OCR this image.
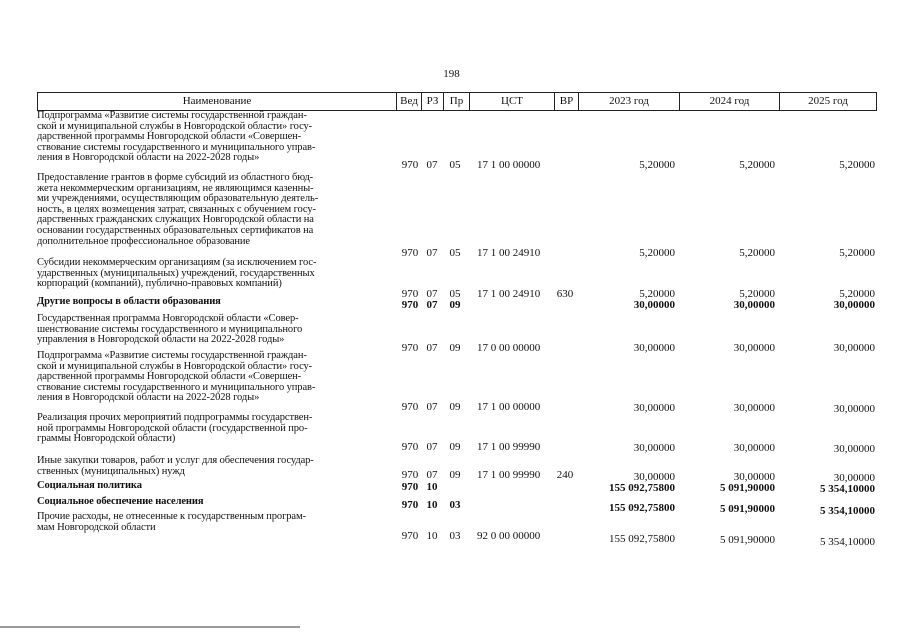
198
Наименование	Вед РЗ	Пр	ЦСТ	ВР	2023 год	2024 год	2025 год
Подпрограмма «Развитие системы государственной граждан-
ской и муниципальной службы в Новгородской области» госу-
дарственной программы Новгородской области «Совершен-
ствование системы государственного и муниципального управ-
ления в Новгородской области на 2022-2028 годы»
970 07	05	17 1 00 00000	5,20000	5,20000	5,20000
Предоставление грантов в форме субсидий из областного бюд-
жета некоммерческим организациям, не являющимся казенны-
ми учреждениями, осуществляющим образовательную деятель-
ность, в целях возмещения затрат, связанных с обучением госу-
дарственных гражданских служащих Новгородской области на
основании государственных образовательных сертификатов на
дополнительное профессиональное образование
970 07	05	17 1 00 24910	5,20000	5,20000	5,20000
Субсидии некоммерческим организациям (за исключением гос-
ударственных (муниципальных) учреждений, государственных
корпораций (компаний), публично-правовых компаний)
970 07	05	17 1 00 24910	630	5,20000	5,20000	5,20000
Другие вопросы в области образования	970 07	09	30,00000	30,00000	30,00000
Государственная программа Новгородской области «Совер-
шенствование системы государственного и муниципального
управления в Новгородской области на 2022-2028 годы»
970 07	09	17 0 00 00000	30,00000	30,00000	30,00000
Подпрограмма «Развитие системы государственной граждан-
ской и муниципальной службы в Новгородской области» госу-
дарственной программы Новгородской области «Совершен-
ствование системы государственного и муниципального управ-
ления в Новгородской области на 2022-2028 годы»
970 07	09	17 1 00 00000	30,00000	30,00000	30,00000
Реализация прочих мероприятий подпрограммы государствен-
ной программы Новгородской области (государственной про-
граммы Новгородской области)
970 07	09	17 1 00 99990	30,00000	30,00000	30,00000
Иные закупки товаров, работ и услуг для обеспечения государ-
ственных (муниципальных) нужд	970 07	09	17 1 00 99990	240	30,00000	30,00000	30,00000
Социальная политика	970 10	155 092,75800	5 091,90000	5 354,10000
Социальное обеспечение населения	970 10	03	155 092,75800	5 091,90000	5 354,10000
Прочие расходы, не отнесенные к государственным програм-
мам Новгородской области
970 10	03	92 0 00 00000	155 092,75800	5 091,90000	5 354,10000
